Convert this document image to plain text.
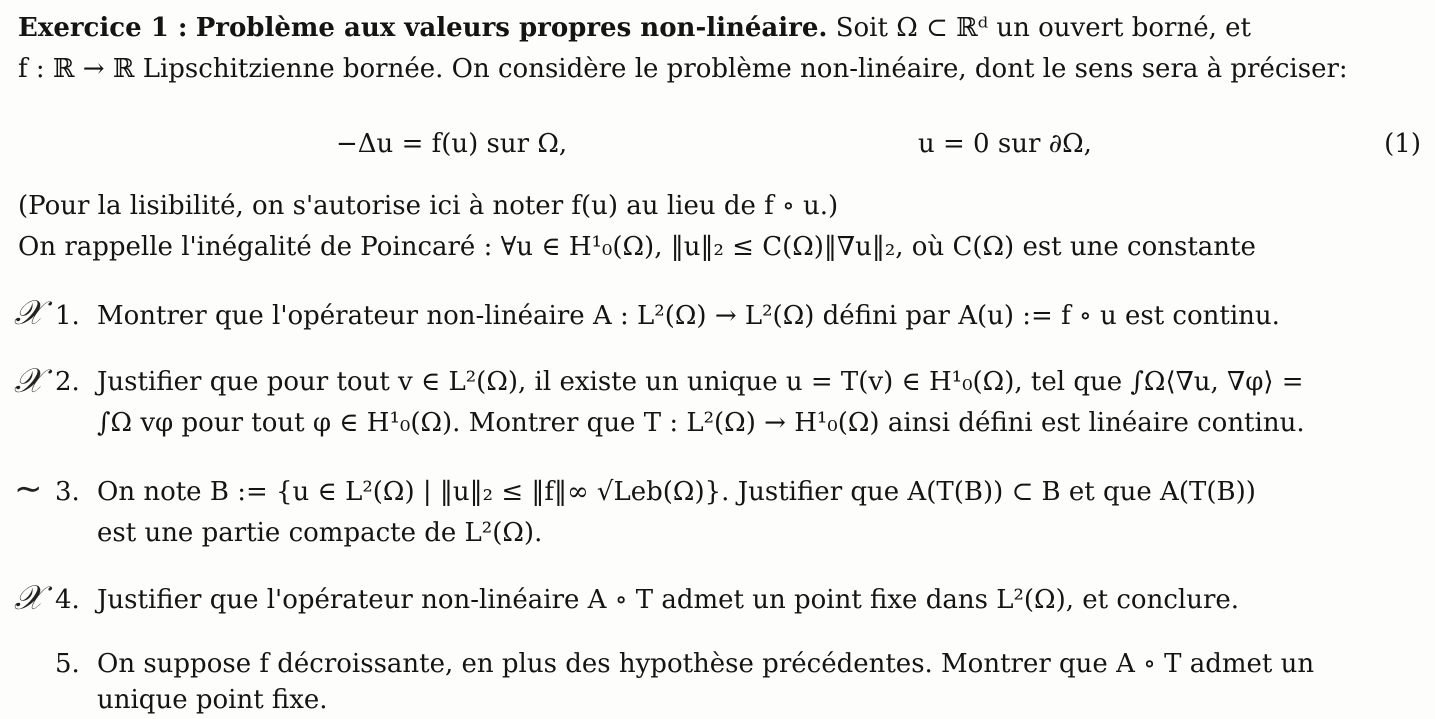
Exercice 1 : Problème aux valeurs propres non-linéaire. Soit Ω ⊂ ℝᵈ un ouvert borné, et
f : ℝ → ℝ Lipschitzienne bornée. On considère le problème non-linéaire, dont le sens sera à préciser:
−Δu = f(u) sur Ω,	u = 0 sur ∂Ω,	(1)
(Pour la lisibilité, on s'autorise ici à noter f(u) au lieu de f ∘ u.)
On rappelle l'inégalité de Poincaré : ∀u ∈ H¹₀(Ω), ‖u‖₂ ≤ C(Ω)‖∇u‖₂, où C(Ω) est une constante
𝒳 1. Montrer que l'opérateur non-linéaire A : L²(Ω) → L²(Ω) défini par A(u) := f ∘ u est continu.
𝒳 2. Justifier que pour tout v ∈ L²(Ω), il existe un unique u = T(v) ∈ H¹₀(Ω), tel que ∫Ω⟨∇u, ∇φ⟩ =
∫Ω vφ pour tout φ ∈ H¹₀(Ω). Montrer que T : L²(Ω) → H¹₀(Ω) ainsi défini est linéaire continu.
∼ 3. On note B := {u ∈ L²(Ω) | ‖u‖₂ ≤ ‖f‖∞ √Leb(Ω)}. Justifier que A(T(B)) ⊂ B et que A(T(B))
est une partie compacte de L²(Ω).
𝒳 4. Justifier que l'opérateur non-linéaire A ∘ T admet un point fixe dans L²(Ω), et conclure.
5. On suppose f décroissante, en plus des hypothèse précédentes. Montrer que A ∘ T admet un
unique point fixe.
